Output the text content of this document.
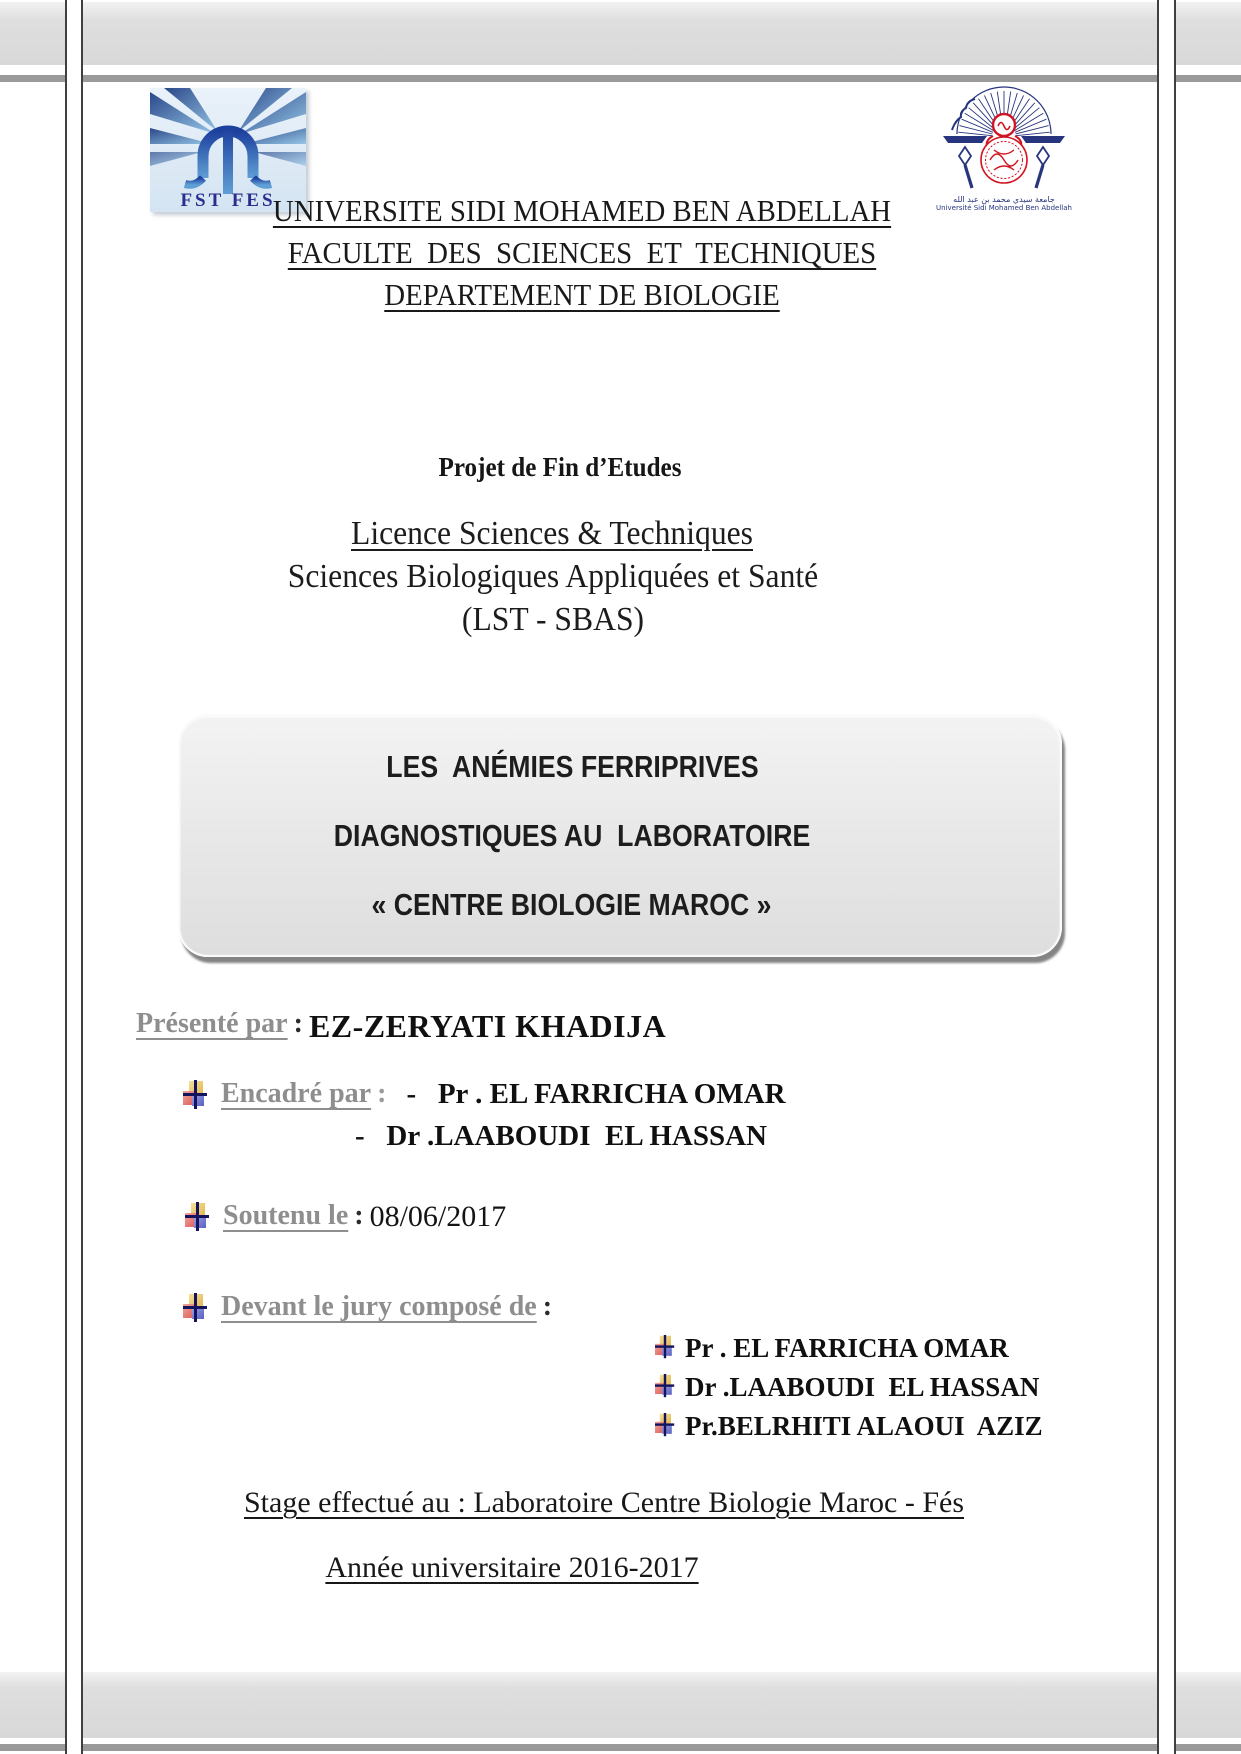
FST FES	جامعة سيدي محمد بن عبد الله
Université Sidi Mohamed Ben Abdellah
UNIVERSITE SIDI MOHAMED BEN ABDELLAH
FACULTE  DES  SCIENCES  ET  TECHNIQUES
DEPARTEMENT DE BIOLOGIE
Projet de Fin d’Etudes
Licence Sciences & Techniques
Sciences Biologiques Appliquées et Santé
(LST - SBAS)
LES  ANÉMIES FERRIPRIVES
DIAGNOSTIQUES AU  LABORATOIRE
« CENTRE BIOLOGIE MAROC »
Présenté par : EZ-ZERYATI KHADIJA
Encadré par : -   Pr . EL FARRICHA OMAR
-   Dr .LAABOUDI  EL HASSAN
Soutenu le : 08/06/2017
Devant le jury composé de :
Pr . EL FARRICHA OMAR
Dr .LAABOUDI  EL HASSAN
Pr.BELRHITI ALAOUI  AZIZ
Stage effectué au : Laboratoire Centre Biologie Maroc - Fés
Année universitaire 2016-2017
